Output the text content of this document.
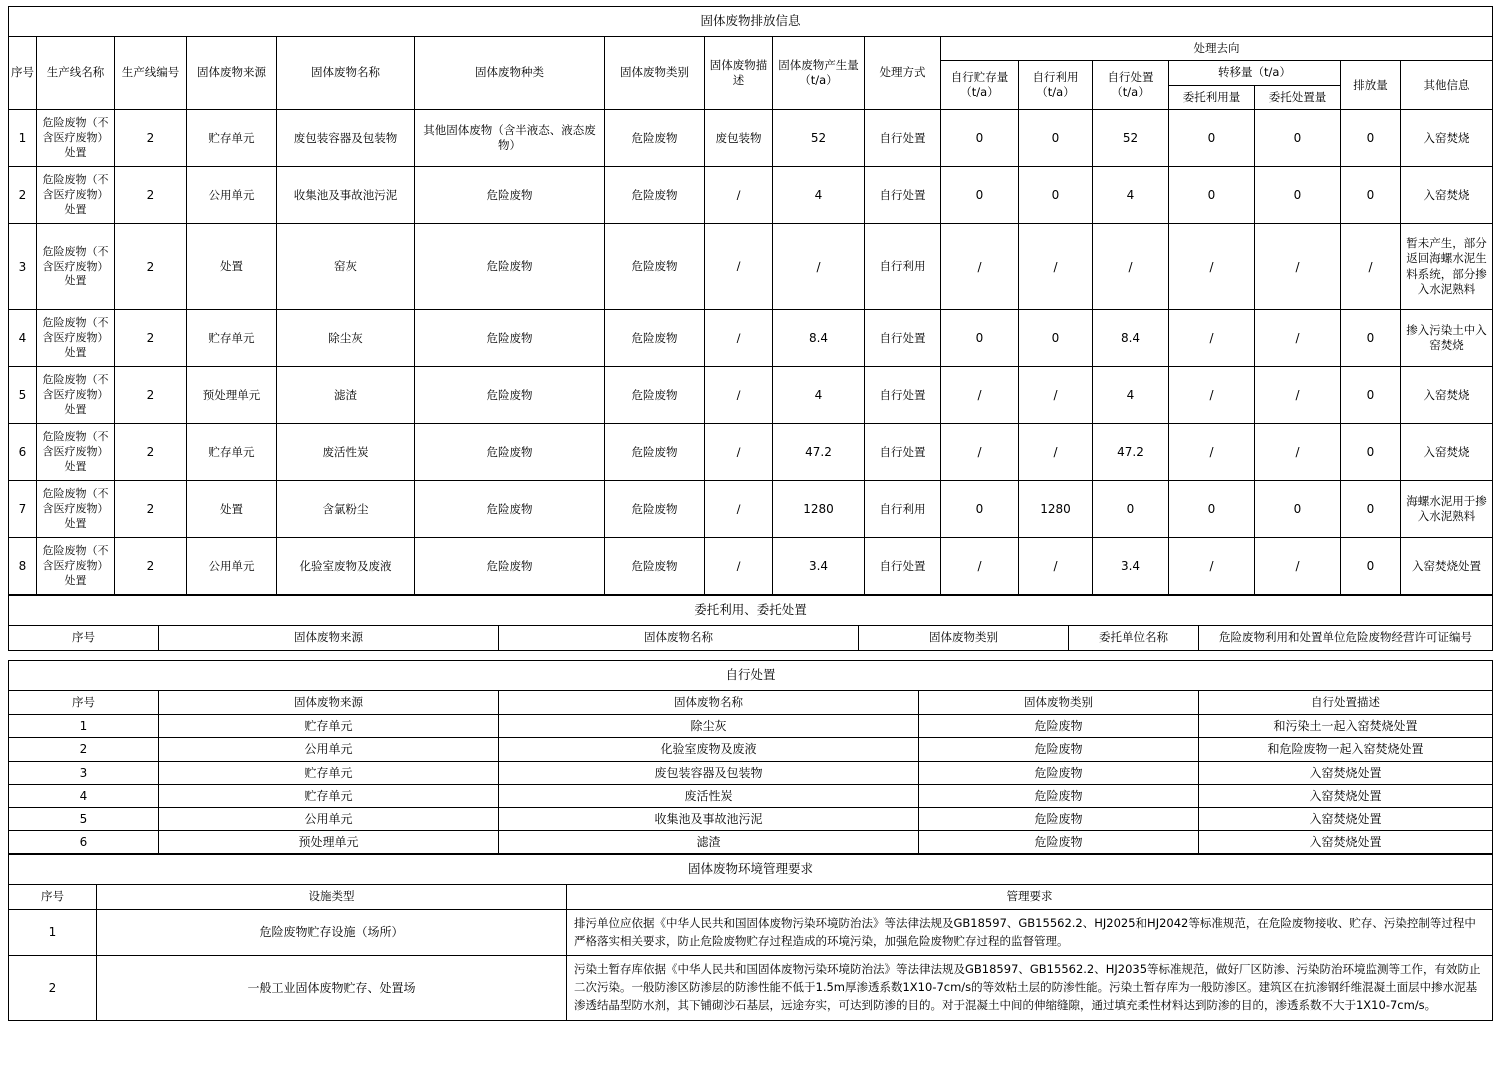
固体废物排放信息																
序号	生产线名称	生产线编号	固体废物来源	固体废物名称	固体废物种类	固体废物类别	固体废物描述	固体废物产生量（t/a）	处理方式	处理去向						
										自行贮存量（t/a）	自行利用（t/a）	自行处置（t/a）	转移量（t/a）		排放量	其他信息
													委托利用量	委托处置量		
1	危险废物（不含医疗废物）处置	2	贮存单元	废包装容器及包装物	其他固体废物（含半液态、液态废物）	危险废物	废包装物	52	自行处置	0	0	52	0	0	0	入窑焚烧
2	危险废物（不含医疗废物）处置	2	公用单元	收集池及事故池污泥	危险废物	危险废物	/	4	自行处置	0	0	4	0	0	0	入窑焚烧
3	危险废物（不含医疗废物）处置	2	处置	窑灰	危险废物	危险废物	/	/	自行利用	/	/	/	/	/	/	暂未产生，部分返回海螺水泥生料系统，部分掺入水泥熟料
4	危险废物（不含医疗废物）处置	2	贮存单元	除尘灰	危险废物	危险废物	/	8.4	自行处置	0	0	8.4	/	/	0	掺入污染土中入窑焚烧
5	危险废物（不含医疗废物）处置	2	预处理单元	滤渣	危险废物	危险废物	/	4	自行处置	/	/	4	/	/	0	入窑焚烧
6	危险废物（不含医疗废物）处置	2	贮存单元	废活性炭	危险废物	危险废物	/	47.2	自行处置	/	/	47.2	/	/	0	入窑焚烧
7	危险废物（不含医疗废物）处置	2	处置	含氯粉尘	危险废物	危险废物	/	1280	自行利用	0	1280	0	0	0	0	海螺水泥用于掺入水泥熟料
8	危险废物（不含医疗废物）处置	2	公用单元	化验室废物及废液	危险废物	危险废物	/	3.4	自行处置	/	/	3.4	/	/	0	入窑焚烧处置
委托利用、委托处置
序号	固体废物来源	固体废物名称	固体废物类别	委托单位名称	危险废物利用和处置单位危险废物经营许可证编号
自行处置				
序号	固体废物来源	固体废物名称	固体废物类别	自行处置描述
1	贮存单元	除尘灰	危险废物	和污染土一起入窑焚烧处置
2	公用单元	化验室废物及废液	危险废物	和危险废物一起入窑焚烧处置
3	贮存单元	废包装容器及包装物	危险废物	入窑焚烧处置
4	贮存单元	废活性炭	危险废物	入窑焚烧处置
5	公用单元	收集池及事故池污泥	危险废物	入窑焚烧处置
6	预处理单元	滤渣	危险废物	入窑焚烧处置
固体废物环境管理要求		
序号	设施类型	管理要求
1	危险废物贮存设施（场所）	排污单位应依据《中华人民共和国固体废物污染环境防治法》等法律法规及GB18597、GB15562.2、HJ2025和HJ2042等标准规范，在危险废物接收、贮存、污染控制等过程中严格落实相关要求，防止危险废物贮存过程造成的环境污染，加强危险废物贮存过程的监督管理。
2	一般工业固体废物贮存、处置场	污染土暂存库依据《中华人民共和国固体废物污染环境防治法》等法律法规及GB18597、GB15562.2、HJ2035等标准规范，做好厂区防渗、污染防治环境监测等工作，有效防止二次污染。一般防渗区防渗层的防渗性能不低于1.5m厚渗透系数1X10-7cm/s的等效粘土层的防渗性能。污染土暂存库为一般防渗区。建筑区在抗渗钢纤维混凝土面层中掺水泥基渗透结晶型防水剂，其下铺砌沙石基层，远途夯实，可达到防渗的目的。对于混凝土中间的伸缩缝隙，通过填充柔性材料达到防渗的目的，渗透系数不大于1X10-7cm/s。
